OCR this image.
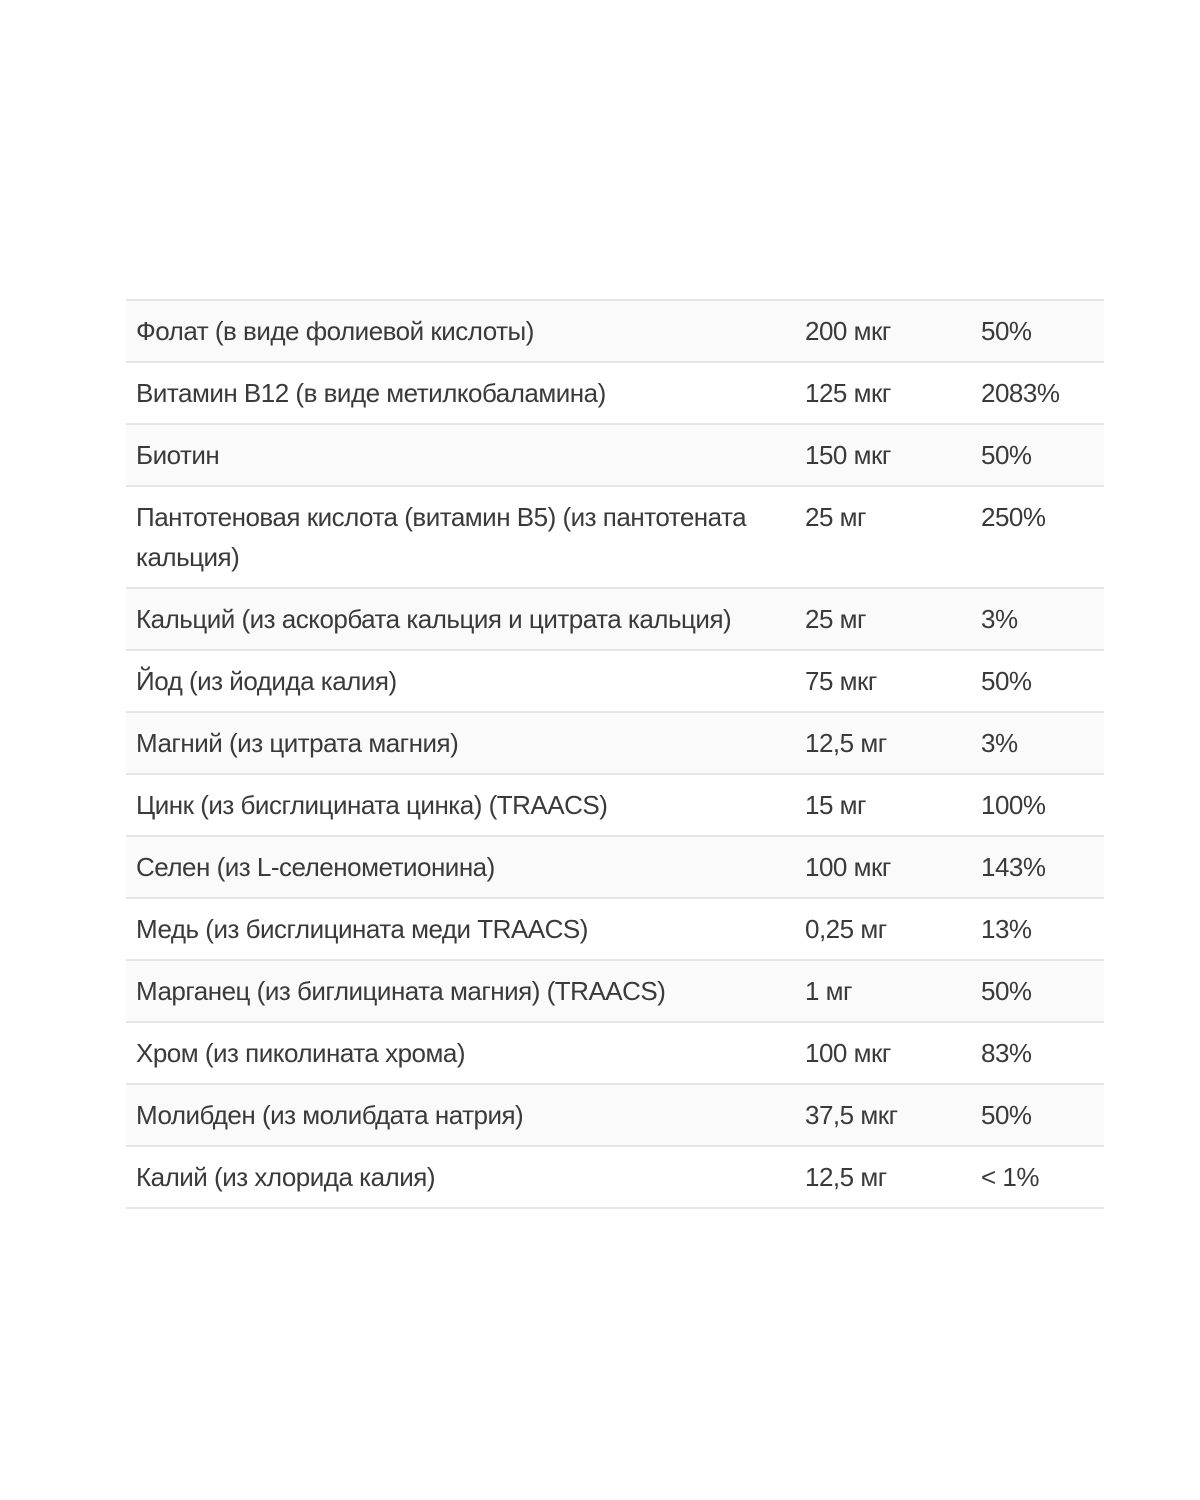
Фолат (в виде фолиевой кислоты)	200 мкг	50%
Витамин В12 (в виде метилкобаламина)	125 мкг	2083%
Биотин	150 мкг	50%
Пантотеновая кислота (витамин В5) (из пантотената кальция)	25 мг	250%
Кальций (из аскорбата кальция и цитрата кальция)	25 мг	3%
Йод (из йодида калия)	75 мкг	50%
Магний (из цитрата магния)	12,5 мг	3%
Цинк (из бисглицината цинка) (TRAACS)	15 мг	100%
Селен (из L-селенометионина)	100 мкг	143%
Медь (из бисглицината меди TRAACS)	0,25 мг	13%
Марганец (из биглицината магния) (TRAACS)	1 мг	50%
Хром (из пиколината хрома)	100 мкг	83%
Молибден (из молибдата натрия)	37,5 мкг	50%
Калий (из хлорида калия)	12,5 мг	< 1%
